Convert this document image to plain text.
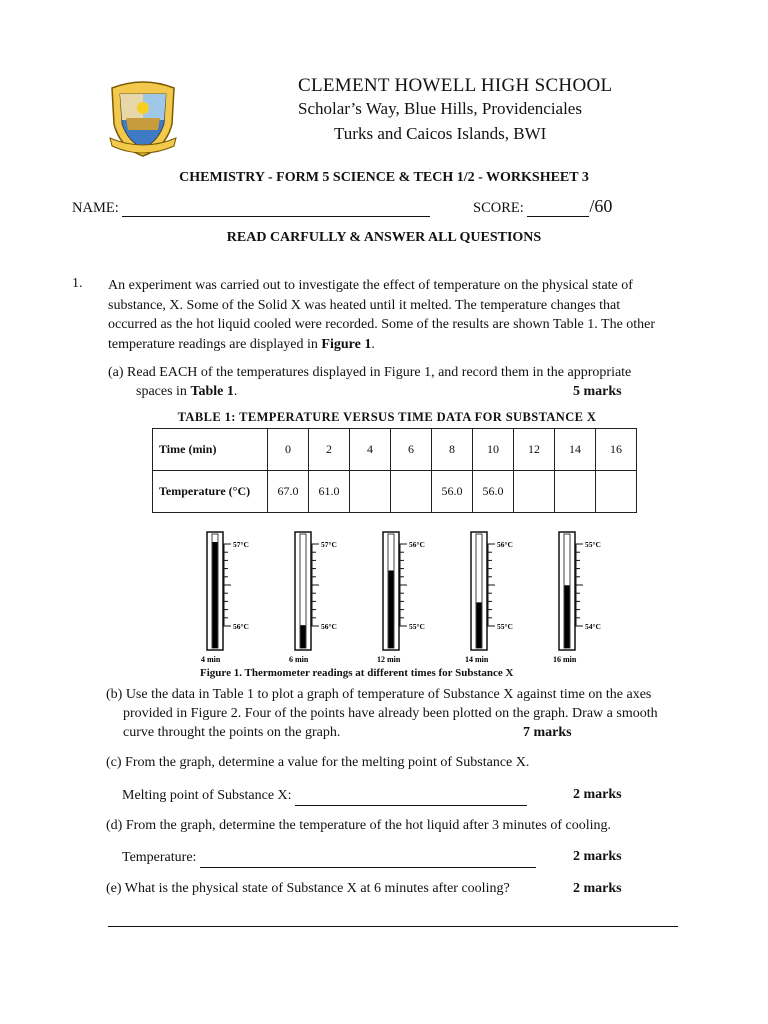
CLEMENT HOWELL HIGH SCHOOL
Scholar’s Way, Blue Hills, Providenciales
Turks and Caicos Islands, BWI
CHEMISTRY - FORM 5 SCIENCE & TECH 1/2 - WORKSHEET 3
NAME:	SCORE:	/60
READ CARFULLY & ANSWER ALL QUESTIONS
1. An experiment was carried out to investigate the effect of temperature on the physical state of
substance, X. Some of the Solid X was heated until it melted. The temperature changes that
occurred as the hot liquid cooled were recorded. Some of the results are shown Table 1. The other
temperature readings are displayed in Figure 1.
(a) Read EACH of the temperatures displayed in Figure 1, and record them in the appropriate
spaces in Table 1.	5 marks
TABLE 1: TEMPERATURE VERSUS TIME DATA FOR SUBSTANCE X
Time (min)	0	2	4	6	8	10	12	14	16
Temperature (°C)	67.0	61.0			56.0	56.0			
57°C
56°C
4 min
57°C
56°C
6 min
56°C
55°C
12 min
56°C
55°C
14 min
55°C
54°C
16 min
Figure 1. Thermometer readings at different times for Substance X
(b) Use the data in Table 1 to plot a graph of temperature of Substance X against time on the axes
provided in Figure 2. Four of the points have already been plotted on the graph. Draw a smooth
curve throught the points on the graph.	7 marks
(c) From the graph, determine a value for the melting point of Substance X.
Melting point of Substance X:	2 marks
(d) From the graph, determine the temperature of the hot liquid after 3 minutes of cooling.
Temperature:	2 marks
(e) What is the physical state of Substance X at 6 minutes after cooling?	2 marks
